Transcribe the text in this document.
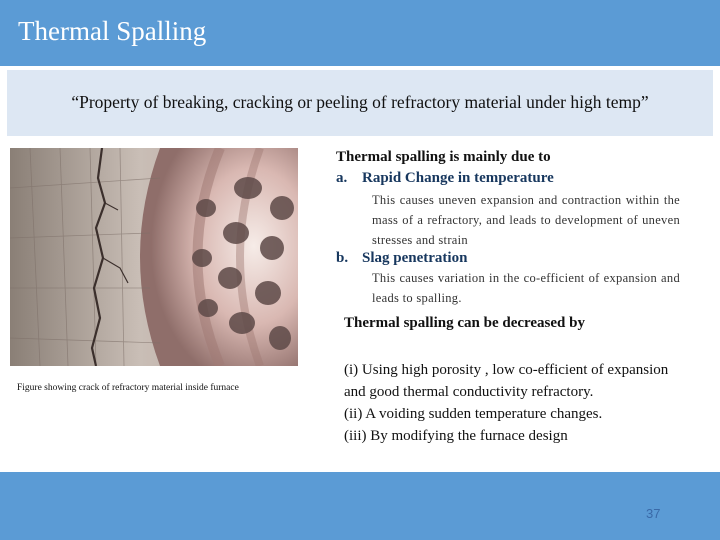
Thermal Spalling
“Property of breaking, cracking or peeling of refractory material under high temp”
Figure showing crack of refractory material inside furnace
Thermal spalling is mainly due to
a. Rapid Change in temperature
This causes uneven expansion and contraction within the mass of a refractory, and leads to development of uneven stresses and strain
b. Slag penetration
This causes variation in the co-efficient of expansion and leads to spalling.
Thermal spalling can be decreased by
(i) Using high porosity , low co-efficient of expansion and good thermal conductivity refractory.
(ii) A voiding sudden temperature changes.
(iii) By modifying the furnace design
37
